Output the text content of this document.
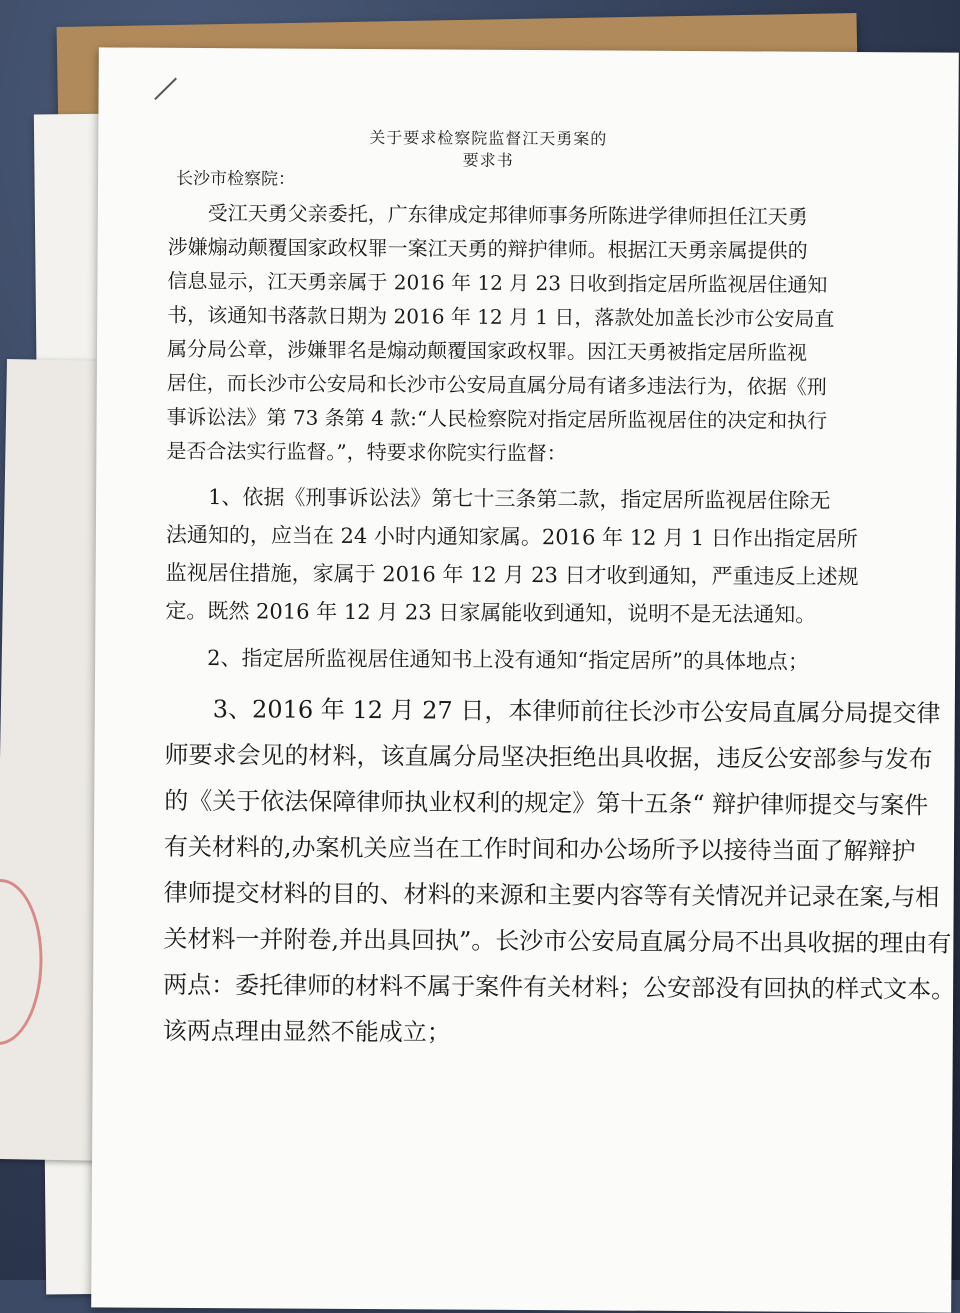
关于要求检察院监督江天勇案的
要求书
长沙市检察院：
　　受江天勇父亲委托，广东律成定邦律师事务所陈进学律师担任江天勇
涉嫌煽动颠覆国家政权罪一案江天勇的辩护律师。根据江天勇亲属提供的
信息显示，江天勇亲属于 2016 年 12 月 23 日收到指定居所监视居住通知
书，该通知书落款日期为 2016 年 12 月 1 日，落款处加盖长沙市公安局直
属分局公章，涉嫌罪名是煽动颠覆国家政权罪。因江天勇被指定居所监视
居住，而长沙市公安局和长沙市公安局直属分局有诸多违法行为，依据《刑
事诉讼法》第 73 条第 4 款:“人民检察院对指定居所监视居住的决定和执行
是否合法实行监督。”，特要求你院实行监督：
　　1、依据《刑事诉讼法》第七十三条第二款，指定居所监视居住除无
法通知的，应当在 24 小时内通知家属。2016 年 12 月 1 日作出指定居所
监视居住措施，家属于 2016 年 12 月 23 日才收到通知，严重违反上述规
定。既然 2016 年 12 月 23 日家属能收到通知，说明不是无法通知。
　　2、指定居所监视居住通知书上没有通知“指定居所”的具体地点；
　　3、2016 年 12 月 27 日，本律师前往长沙市公安局直属分局提交律
师要求会见的材料，该直属分局坚决拒绝出具收据，违反公安部参与发布
的《关于依法保障律师执业权利的规定》第十五条“ 辩护律师提交与案件
有关材料的,办案机关应当在工作时间和办公场所予以接待当面了解辩护
律师提交材料的目的、材料的来源和主要内容等有关情况并记录在案,与相
关材料一并附卷,并出具回执”。长沙市公安局直属分局不出具收据的理由有
两点：委托律师的材料不属于案件有关材料；公安部没有回执的样式文本。
该两点理由显然不能成立；
